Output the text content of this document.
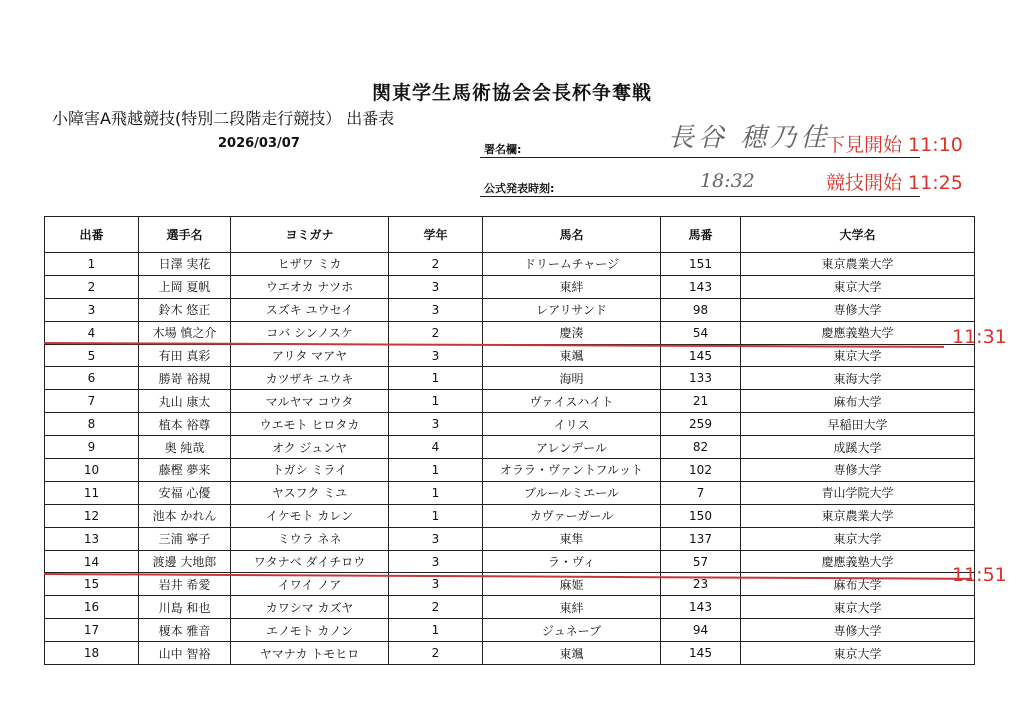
関東学生馬術協会会長杯争奪戦
小障害A飛越競技(特別二段階走行競技） 出番表
2026/03/07	署名欄:	長谷 穂乃佳
公式発表時刻:	18:32
下見開始 11:10
競技開始 11:25
出番	選手名	ヨミガナ	学年	馬名	馬番	大学名
1	日澤 実花	ヒザワ ミカ	2	ドリームチャージ	151	東京農業大学
2	上岡 夏帆	ウエオカ ナツホ	3	東絆	143	東京大学
3	鈴木 悠正	スズキ ユウセイ	3	レアリサンド	98	専修大学
4	木場 慎之介	コバ シンノスケ	2	慶湊	54	慶應義塾大学
5	有田 真彩	アリタ マアヤ	3	東颯	145	東京大学
6	勝嵜 裕規	カツザキ ユウキ	1	海明	133	東海大学
7	丸山 康太	マルヤマ コウタ	1	ヴァイスハイト	21	麻布大学
8	植本 裕尊	ウエモト ヒロタカ	3	イリス	259	早稲田大学
9	奥 純哉	オク ジュンヤ	4	アレンデール	82	成蹊大学
10	藤樫 夢来	トガシ ミライ	1	オララ・ヴァントフルット	102	専修大学
11	安福 心優	ヤスフク ミユ	1	ブルールミエール	7	青山学院大学
12	池本 かれん	イケモト カレン	1	カヴァーガール	150	東京農業大学
13	三浦 寧子	ミウラ ネネ	3	東隼	137	東京大学
14	渡邊 大地郎	ワタナベ ダイチロウ	3	ラ・ヴィ	57	慶應義塾大学
15	岩井 希愛	イワイ ノア	3	麻姫	23	麻布大学
16	川島 和也	カワシマ カズヤ	2	東絆	143	東京大学
17	榎本 雅音	エノモト カノン	1	ジュネーブ	94	専修大学
18	山中 智裕	ヤマナカ トモヒロ	2	東颯	145	東京大学
11:31
11:51
